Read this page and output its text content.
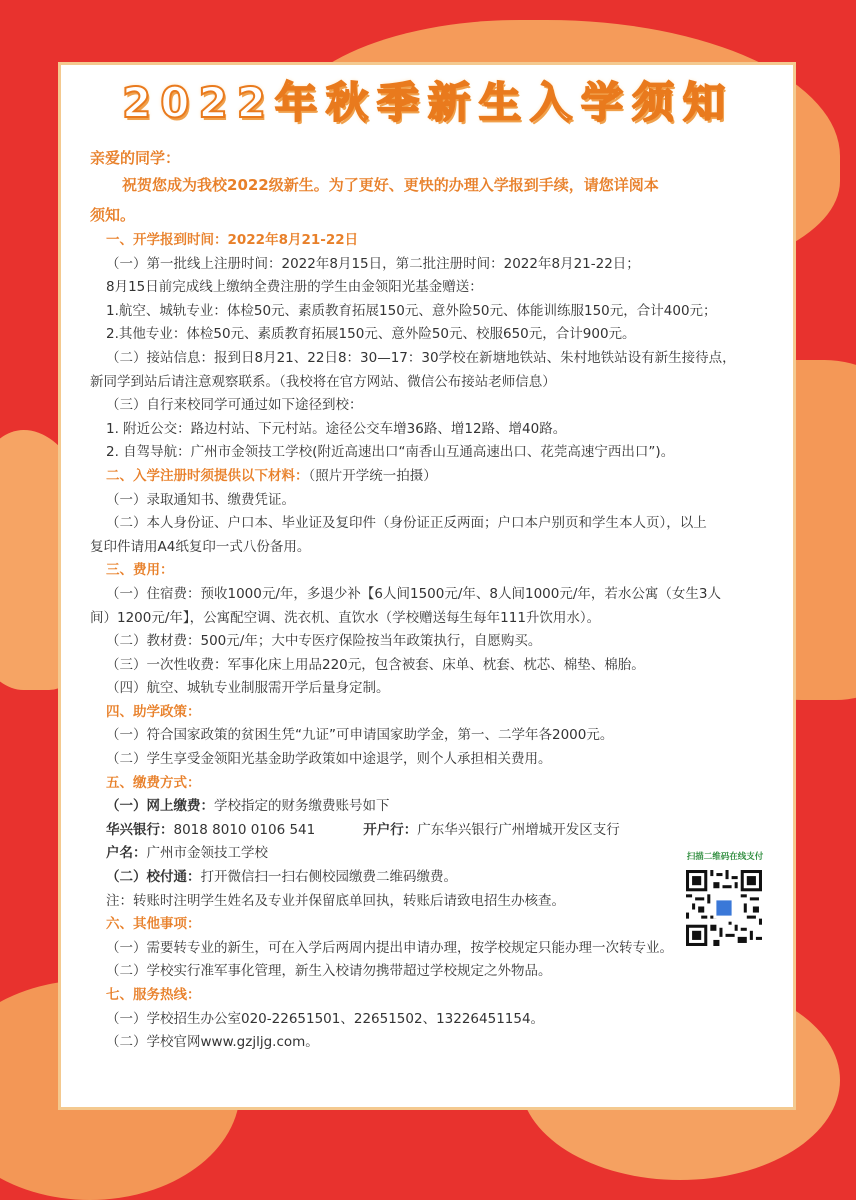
2022年秋季新生入学须知

亲爱的同学：

祝贺您成为我校2022级新生。为了更好、更快的办理入学报到手续，请您详阅本

须知。

一、开学报到时间：2022年8月21-22日

（一）第一批线上注册时间：2022年8月15日，第二批注册时间：2022年8月21-22日；

8月15日前完成线上缴纳全费注册的学生由金领阳光基金赠送：

1.航空、城轨专业：体检50元、素质教育拓展150元、意外险50元、体能训练服150元，合计400元；

2.其他专业：体检50元、素质教育拓展150元、意外险50元、校服650元，合计900元。

（二）接站信息：报到日8月21、22日8：30—17：30学校在新塘地铁站、朱村地铁站设有新生接待点，

新同学到站后请注意观察联系。（我校将在官方网站、微信公布接站老师信息）

（三）自行来校同学可通过如下途径到校：

1. 附近公交：路边村站、下元村站。途径公交车增36路、增12路、增40路。

2. 自驾导航：广州市金领技工学校(附近高速出口“南香山互通高速出口、花莞高速宁西出口”)。

二、入学注册时须提供以下材料：（照片开学统一拍摄）

（一）录取通知书、缴费凭证。

（二）本人身份证、户口本、毕业证及复印件（身份证正反两面；户口本户别页和学生本人页），以上

复印件请用A4纸复印一式八份备用。

三、费用：

（一）住宿费：预收1000元/年，多退少补【6人间1500元/年、8人间1000元/年，若水公寓（女生3人

间）1200元/年】，公寓配空调、洗衣机、直饮水（学校赠送每生每年111升饮用水）。

（二）教材费：500元/年；大中专医疗保险按当年政策执行，自愿购买。

（三）一次性收费：军事化床上用品220元，包含被套、床单、枕套、枕芯、棉垫、棉胎。

（四）航空、城轨专业制服需开学后量身定制。

四、助学政策：

（一）符合国家政策的贫困生凭“九证”可申请国家助学金，第一、二学年各2000元。

（二）学生享受金领阳光基金助学政策如中途退学，则个人承担相关费用。

五、缴费方式：

（一）网上缴费：学校指定的财务缴费账号如下

华兴银行：8018 8010 0106 541	开户行：广东华兴银行广州增城开发区支行

户名：广州市金领技工学校

（二）校付通：打开微信扫一扫右侧校园缴费二维码缴费。

注：转账时注明学生姓名及专业并保留底单回执，转账后请致电招生办核查。

六、其他事项：

（一）需要转专业的新生，可在入学后两周内提出申请办理，按学校规定只能办理一次转专业。

（二）学校实行准军事化管理，新生入校请勿携带超过学校规定之外物品。

七、服务热线：

（一）学校招生办公室020-22651501、22651502、13226451154。

（二）学校官网www.gzjljg.com。

扫描二维码在线支付
